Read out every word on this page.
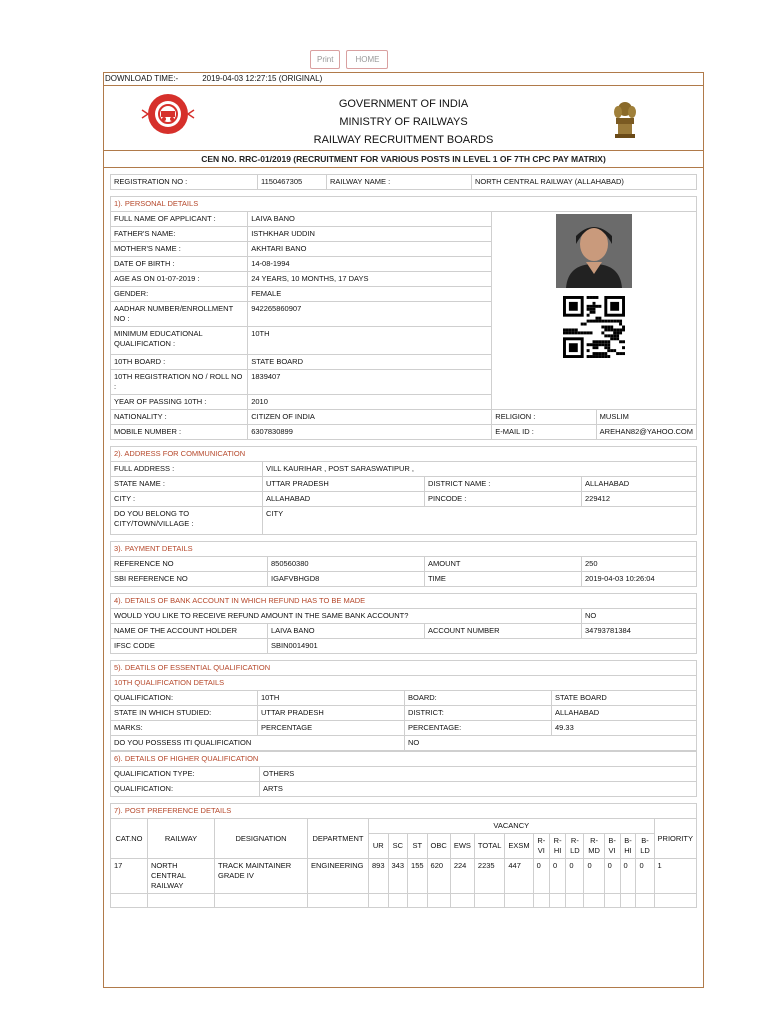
Print	HOME
DOWNLOAD TIME:-	2019-04-03 12:27:15 (ORIGINAL)
GOVERNMENT OF INDIA
MINISTRY OF RAILWAYS
RAILWAY RECRUITMENT BOARDS
CEN NO. RRC-01/2019 (RECRUITMENT FOR VARIOUS POSTS IN LEVEL 1 OF 7TH CPC PAY MATRIX)
REGISTRATION NO :	1150467305	RAILWAY NAME :	NORTH CENTRAL RAILWAY (ALLAHABAD)
1). PERSONAL DETAILS			
FULL NAME OF APPLICANT :	LAIVA BANO	

FATHER'S NAME:	ISTHKHAR UDDIN		
MOTHER'S NAME :	AKHTARI BANO		
DATE OF BIRTH :	14-08-1994		
AGE AS ON 01-07-2019 :	24 YEARS, 10 MONTHS, 17 DAYS		
GENDER:	FEMALE		
AADHAR NUMBER/ENROLLMENT NO :	942265860907		
MINIMUM EDUCATIONAL QUALIFICATION :	10TH		
10TH BOARD :	STATE BOARD		
10TH REGISTRATION NO / ROLL NO :	1839407		
YEAR OF PASSING 10TH :	2010		
NATIONALITY :	CITIZEN OF INDIA	RELIGION :	MUSLIM
MOBILE NUMBER :	6307830899	E-MAIL ID :	AREHAN82@YAHOO.COM
2). ADDRESS FOR COMMUNICATION			
FULL ADDRESS :	VILL KAURIHAR , POST SARASWATIPUR ,		
STATE NAME :	UTTAR PRADESH	DISTRICT NAME :	ALLAHABAD
CITY :	ALLAHABAD	PINCODE :	229412
DO YOU BELONG TO CITY/TOWN/VILLAGE :	CITY		
3). PAYMENT DETAILS			
REFERENCE NO	850560380	AMOUNT	250
SBI REFERENCE NO	IGAFVBHGD8	TIME	2019-04-03 10:26:04
4). DETAILS OF BANK ACCOUNT IN WHICH REFUND HAS TO BE MADE			
WOULD YOU LIKE TO RECEIVE REFUND AMOUNT IN THE SAME BANK ACCOUNT?			NO
NAME OF THE ACCOUNT HOLDER	LAIVA BANO	ACCOUNT NUMBER	34793781384
IFSC CODE	SBIN0014901		
5). DEATILS OF ESSENTIAL QUALIFICATION			
10TH QUALIFICATION DETAILS			
QUALIFICATION:	10TH	BOARD:	STATE BOARD
STATE IN WHICH STUDIED:	UTTAR PRADESH	DISTRICT:	ALLAHABAD
MARKS:	PERCENTAGE	PERCENTAGE:	49.33
DO YOU POSSESS ITI QUALIFICATION		NO	
6). DETAILS OF HIGHER QUALIFICATION	
QUALIFICATION TYPE:	OTHERS
QUALIFICATION:	ARTS
7). POST PREFERENCE DETAILS																		
CAT.NO	RAILWAY	DESIGNATION	DEPARTMENT	VACANCY														PRIORITY
				UR	SC	ST	OBC	EWS	TOTAL	EXSM	R-VI	R-HI	R-LD	R-MD	B-VI	B-HI	B-LD	
17	NORTH CENTRAL RAILWAY	TRACK MAINTAINER GRADE IV	ENGINEERING	893	343	155	620	224	2235	447	0	0	0	0	0	0	0	1
